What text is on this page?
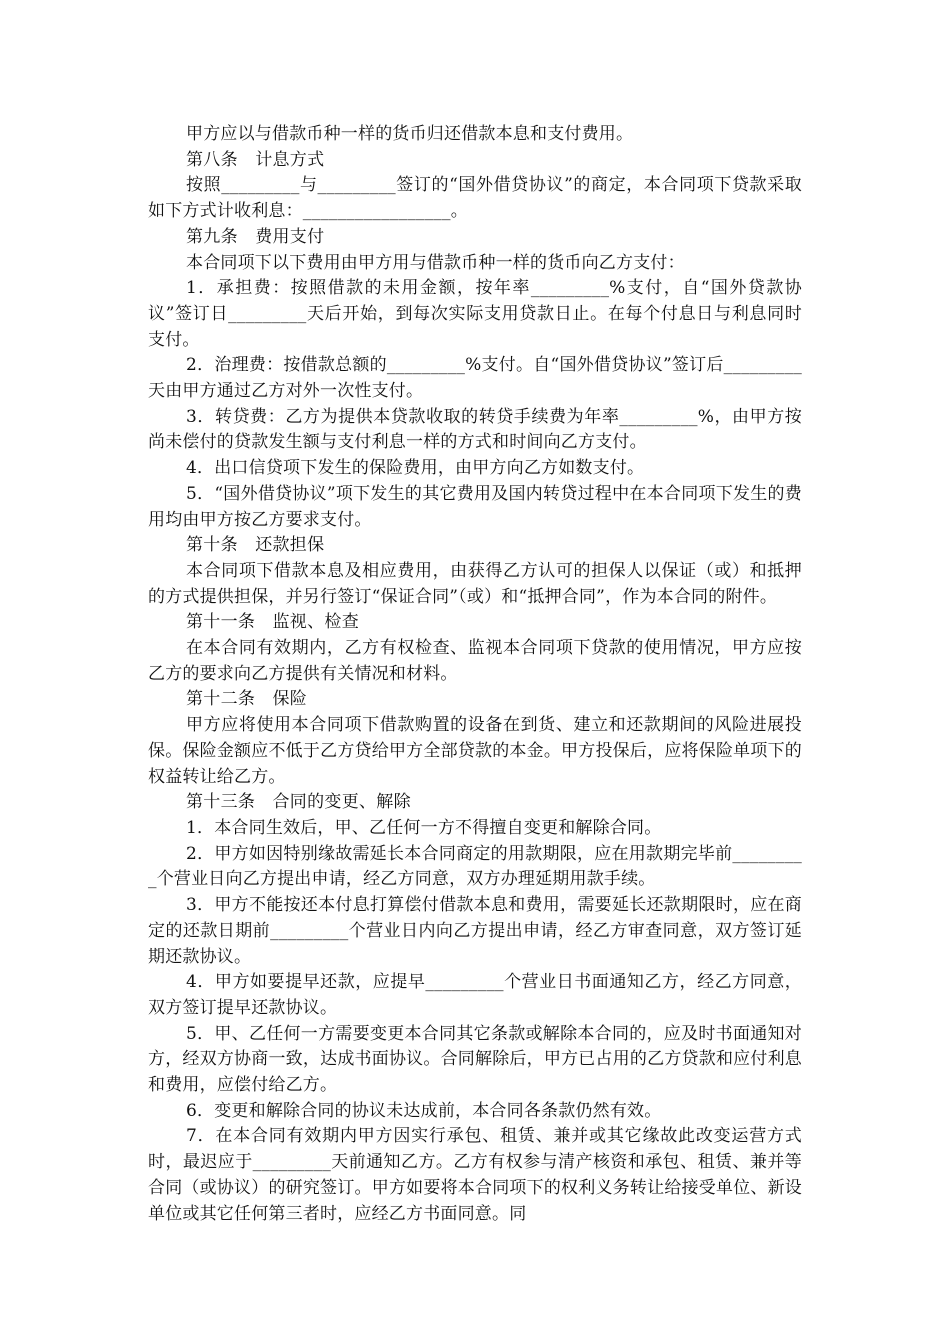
甲方应以与借款币种一样的货币归还借款本息和支付费用。

第八条　计息方式

按照_________与_________签订的“国外借贷协议”的商定，本合同项下贷款采取如下方式计收利息：_________________。

第九条　费用支付

本合同项下以下费用由甲方用与借款币种一样的货币向乙方支付：

1．承担费：按照借款的未用金额，按年率_________%支付，自“国外贷款协议”签订日_________天后开始，到每次实际支用贷款日止。在每个付息日与利息同时支付。

2．治理费：按借款总额的_________%支付。自“国外借贷协议”签订后_________天由甲方通过乙方对外一次性支付。

3．转贷费：乙方为提供本贷款收取的转贷手续费为年率_________%，由甲方按尚未偿付的贷款发生额与支付利息一样的方式和时间向乙方支付。

4．出口信贷项下发生的保险费用，由甲方向乙方如数支付。

5．“国外借贷协议”项下发生的其它费用及国内转贷过程中在本合同项下发生的费用均由甲方按乙方要求支付。

第十条　还款担保

本合同项下借款本息及相应费用，由获得乙方认可的担保人以保证（或）和抵押的方式提供担保，并另行签订“保证合同”（或）和“抵押合同”，作为本合同的附件。

第十一条　监视、检查

在本合同有效期内，乙方有权检查、监视本合同项下贷款的使用情况，甲方应按乙方的要求向乙方提供有关情况和材料。

第十二条　保险

甲方应将使用本合同项下借款购置的设备在到货、建立和还款期间的风险进展投保。保险金额应不低于乙方贷给甲方全部贷款的本金。甲方投保后，应将保险单项下的权益转让给乙方。

第十三条　合同的变更、解除

1．本合同生效后，甲、乙任何一方不得擅自变更和解除合同。

2．甲方如因特别缘故需延长本合同商定的用款期限，应在用款期完毕前_________个营业日向乙方提出申请，经乙方同意，双方办理延期用款手续。

3．甲方不能按还本付息打算偿付借款本息和费用，需要延长还款期限时，应在商定的还款日期前_________个营业日内向乙方提出申请，经乙方审查同意，双方签订延期还款协议。

4．甲方如要提早还款，应提早_________个营业日书面通知乙方，经乙方同意，双方签订提早还款协议。

5．甲、乙任何一方需要变更本合同其它条款或解除本合同的，应及时书面通知对方，经双方协商一致，达成书面协议。合同解除后，甲方已占用的乙方贷款和应付利息和费用，应偿付给乙方。

6．变更和解除合同的协议未达成前，本合同各条款仍然有效。

7．在本合同有效期内甲方因实行承包、租赁、兼并或其它缘故此改变运营方式时，最迟应于_________天前通知乙方。乙方有权参与清产核资和承包、租赁、兼并等合同（或协议）的研究签订。甲方如要将本合同项下的权利义务转让给接受单位、新设单位或其它任何第三者时，应经乙方书面同意。同
